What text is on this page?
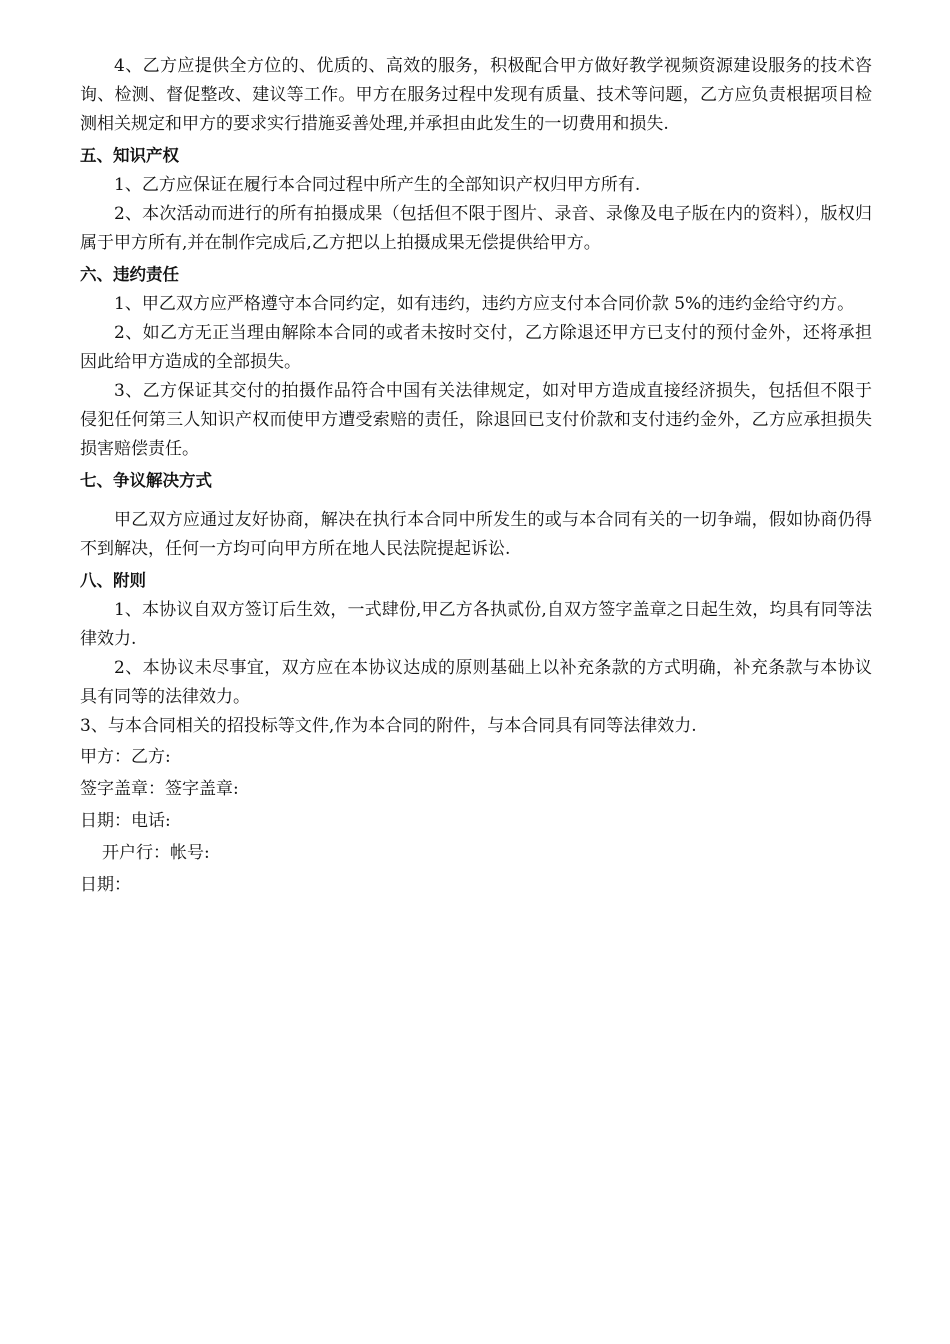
4、乙方应提供全方位的、优质的、高效的服务，积极配合甲方做好教学视频资源建设服务的技术咨询、检测、督促整改、建议等工作。甲方在服务过程中发现有质量、技术等问题，乙方应负责根据项目检测相关规定和甲方的要求实行措施妥善处理,并承担由此发生的一切费用和损失.

五、知识产权

1、乙方应保证在履行本合同过程中所产生的全部知识产权归甲方所有.

2、本次活动而进行的所有拍摄成果（包括但不限于图片、录音、录像及电子版在内的资料），版权归属于甲方所有,并在制作完成后,乙方把以上拍摄成果无偿提供给甲方。

六、违约责任

1、甲乙双方应严格遵守本合同约定，如有违约，违约方应支付本合同价款 5%的违约金给守约方。

2、如乙方无正当理由解除本合同的或者未按时交付，乙方除退还甲方已支付的预付金外，还将承担因此给甲方造成的全部损失。

3、乙方保证其交付的拍摄作品符合中国有关法律规定，如对甲方造成直接经济损失，包括但不限于侵犯任何第三人知识产权而使甲方遭受索赔的责任，除退回已支付价款和支付违约金外，乙方应承担损失损害赔偿责任。

七、争议解决方式

甲乙双方应通过友好协商，解决在执行本合同中所发生的或与本合同有关的一切争端，假如协商仍得不到解决，任何一方均可向甲方所在地人民法院提起诉讼.

八、附则

1、本协议自双方签订后生效，一式肆份,甲乙方各执贰份,自双方签字盖章之日起生效，均具有同等法律效力.

2、本协议未尽事宜，双方应在本协议达成的原则基础上以补充条款的方式明确，补充条款与本协议具有同等的法律效力。

3、与本合同相关的招投标等文件,作为本合同的附件，与本合同具有同等法律效力.

甲方：乙方:

签字盖章：签字盖章:

日期：电话:

开户行：帐号:

日期：
